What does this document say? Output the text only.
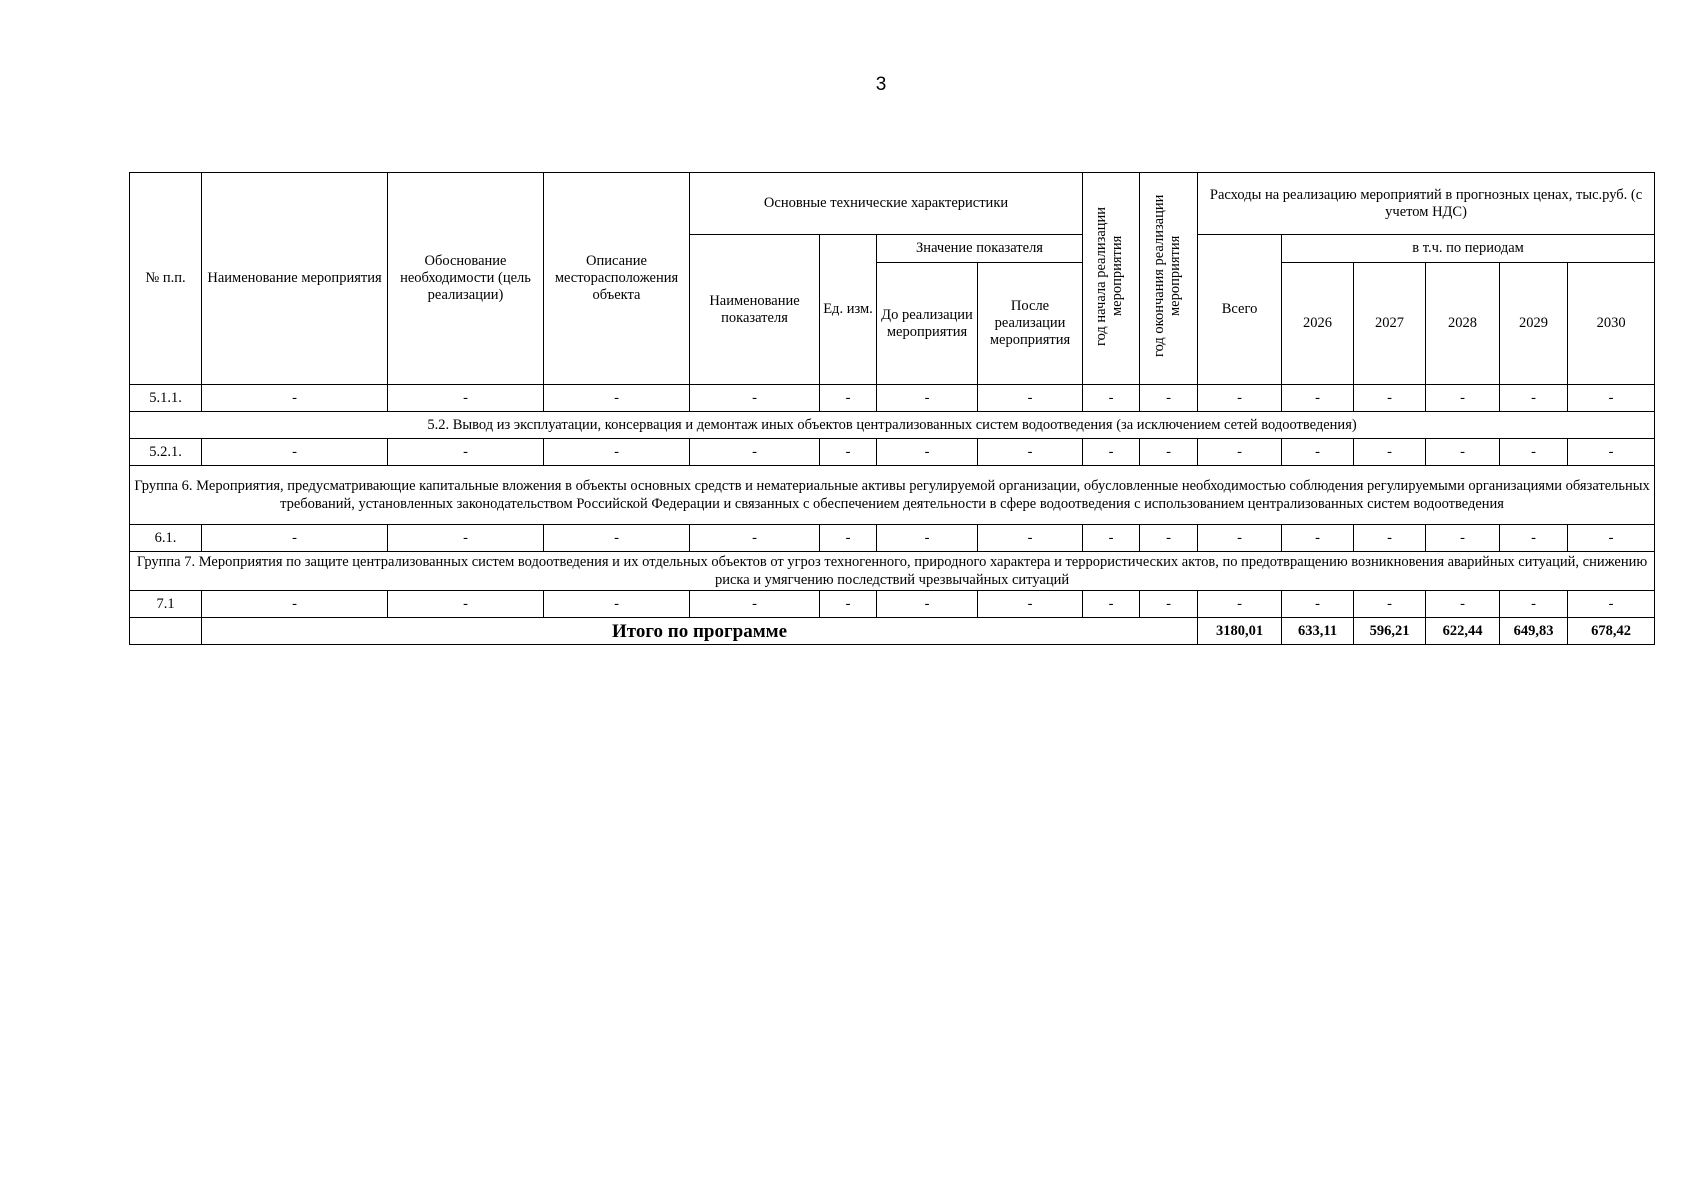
3
№ п.п.	Наименование мероприятия	Обоснование необходимости (цель реализации)	Описание месторасположения объекта	Основные технические характеристики				год начала реализации мероприятия	год окончания реализации мероприятия	Расходы на реализацию мероприятий в прогнозных ценах, тыс.руб. (с учетом НДС)					
				Наименование показателя	Ед. изм.	Значение показателя				Всего	в т.ч. по периодам				
						До реализации мероприятия	После реализации мероприятия				2026	2027	2028	2029	2030
5.1.1.	-	-	-	-	-	-	-	-	-	-	-	-	-	-	-
5.2. Вывод из эксплуатации, консервация и демонтаж иных объектов централизованных систем водоотведения (за исключением сетей водоотведения)															
5.2.1.	-	-	-	-	-	-	-	-	-	-	-	-	-	-	-
Группа 6. Мероприятия, предусматривающие капитальные вложения в объекты основных средств и нематериальные активы регулируемой организации, обусловленные необходимостью соблюдения регулируемыми организациями обязательных требований, установленных законодательством Российской Федерации и связанных с обеспечением деятельности в сфере водоотведения с использованием централизованных систем водоотведения															
6.1.	-	-	-	-	-	-	-	-	-	-	-	-	-	-	-
Группа 7. Мероприятия по защите централизованных систем водоотведения и их отдельных объектов от угроз техногенного, природного характера и террористических актов, по предотвращению возникновения аварийных ситуаций, снижению риска и умягчению последствий чрезвычайных ситуаций															
7.1	-	-	-	-	-	-	-	-	-	-	-	-	-	-	-
	Итого по программе									3180,01	633,11	596,21	622,44	649,83	678,42
